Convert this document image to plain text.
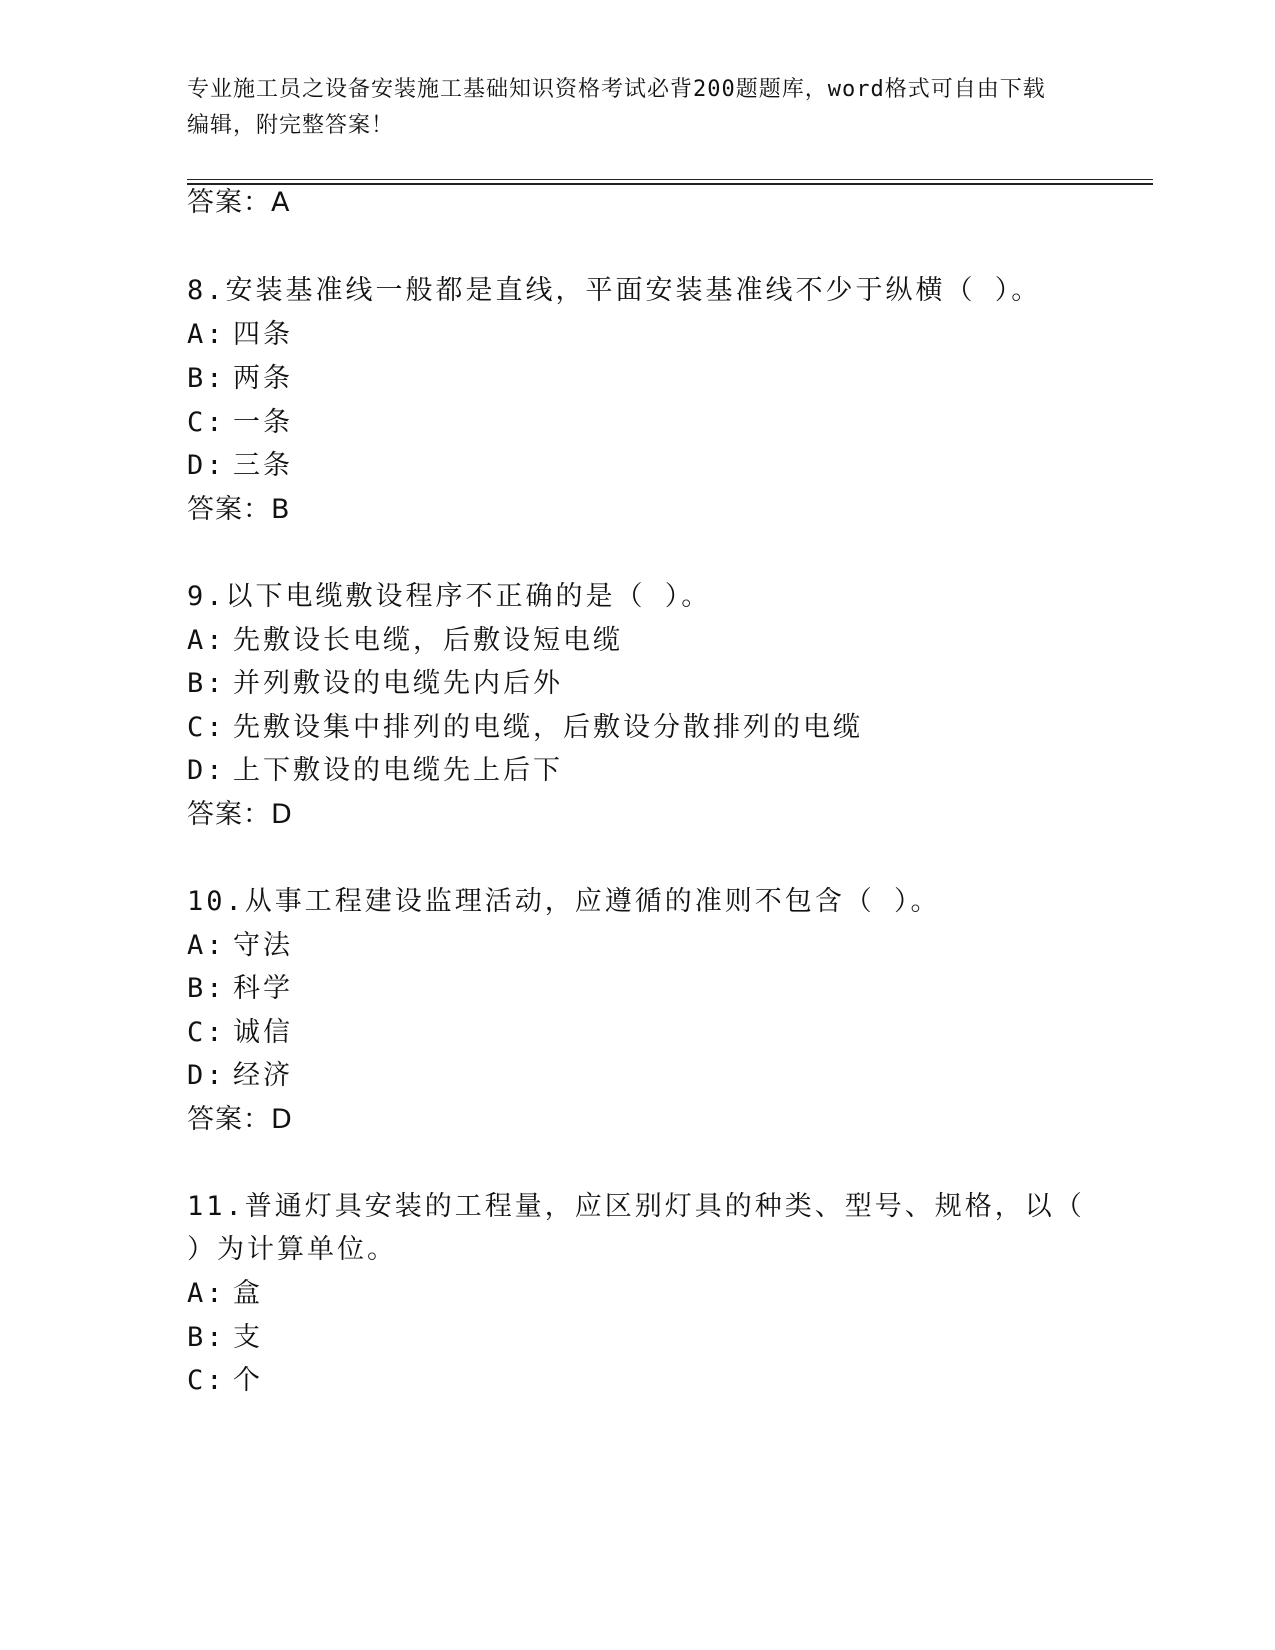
专业施工员之设备安装施工基础知识资格考试必背200题题库，word格式可自由下载编辑，附完整答案！
答案：A
8.安装基准线一般都是直线，平面安装基准线不少于纵横（ ）。
A: 四条
B: 两条
C: 一条
D: 三条
答案：B
9.以下电缆敷设程序不正确的是（ ）。
A: 先敷设长电缆，后敷设短电缆
B: 并列敷设的电缆先内后外
C: 先敷设集中排列的电缆，后敷设分散排列的电缆
D: 上下敷设的电缆先上后下
答案：D
10.从事工程建设监理活动，应遵循的准则不包含（ ）。
A: 守法
B: 科学
C: 诚信
D: 经济
答案：D
11.普通灯具安装的工程量，应区别灯具的种类、型号、规格，以（
）为计算单位。
A: 盒
B: 支
C: 个
